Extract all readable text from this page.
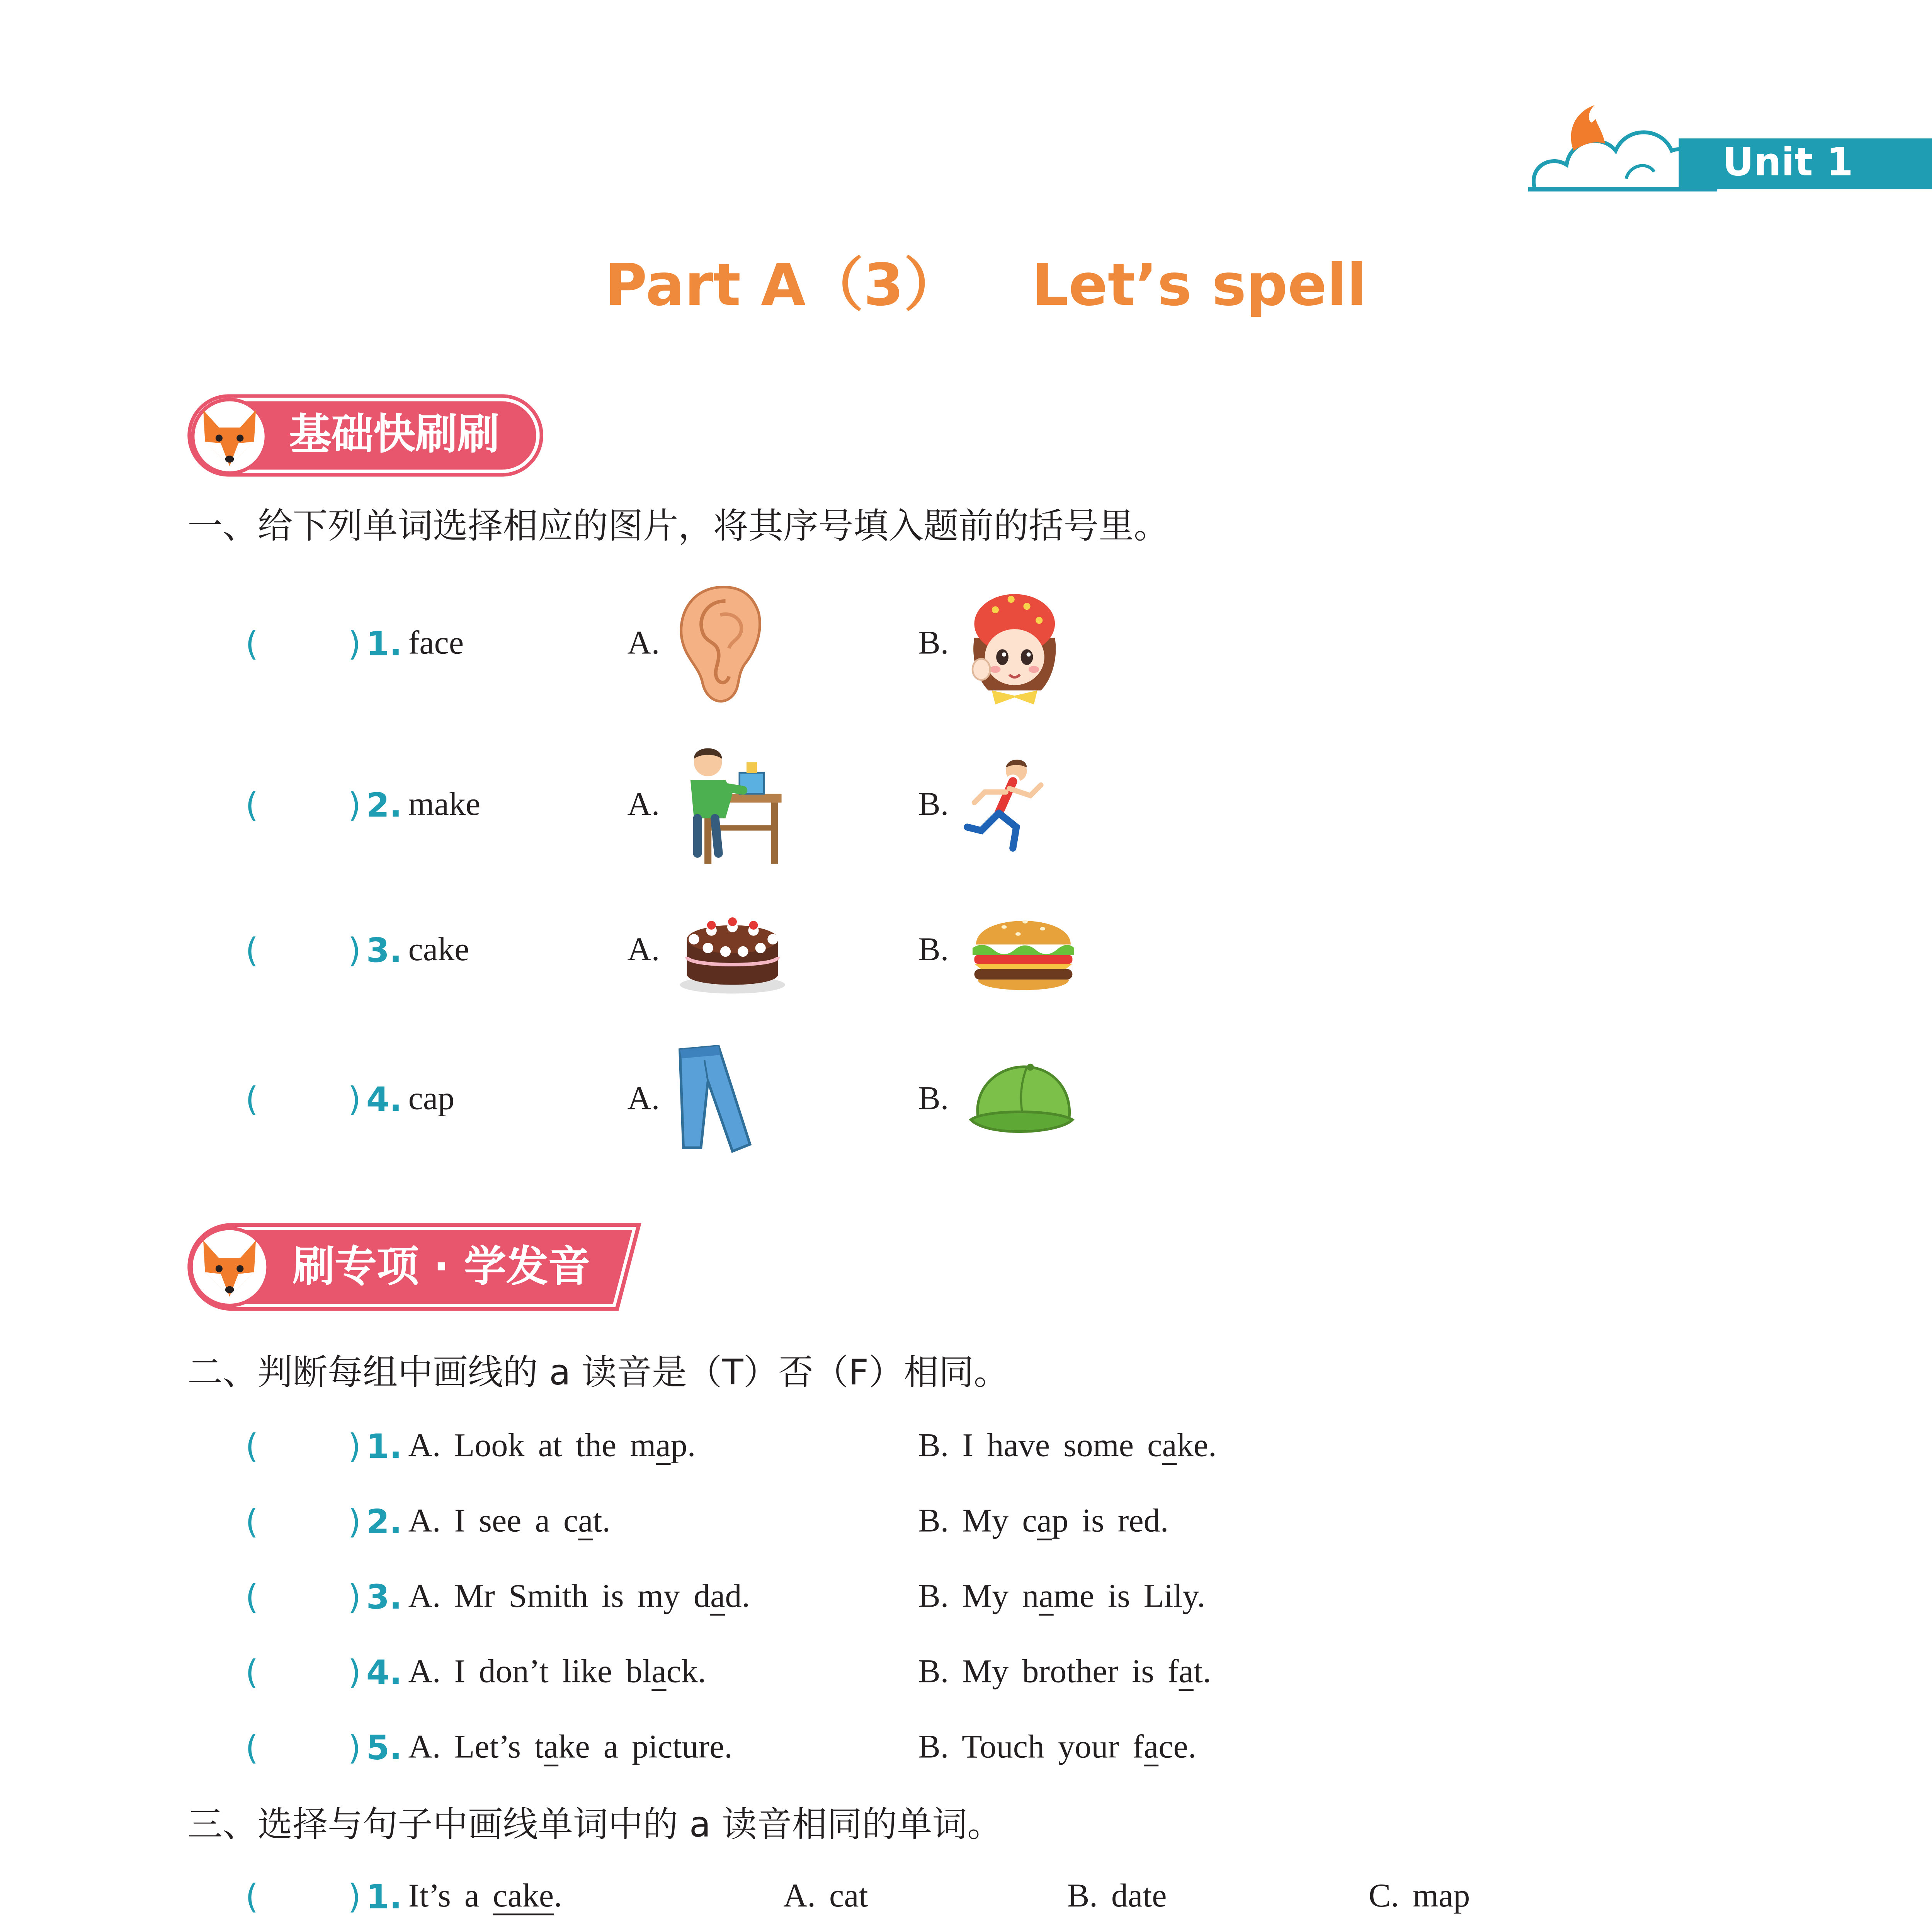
Unit 1
Part A（3）	Let’s spell
基础快刷刷
一、给下列单词选择相应的图片，将其序号填入题前的括号里。
(	) 1. face	A.	B.
(	) 2. make	A.	B.
(	) 3. cake	A.	B.
(	) 4. cap	A.	B.
刷专项 · 学发音
二、判断每组中画线的 a 读音是（T）否（F）相同。
(	) 1. A. Look at the map.	B. I have some cake.
(	) 2. A. I see a cat.	B. My cap is red.
(	) 3. A. Mr Smith is my dad.	B. My name is Lily.
(	) 4. A. I don’t like black.	B. My brother is fat.
(	) 5. A. Let’s take a picture.	B. Touch your face.
三、选择与句子中画线单词中的 a 读音相同的单词。
(	) 1. It’s a cake.	A. cat	B. date	C. map
